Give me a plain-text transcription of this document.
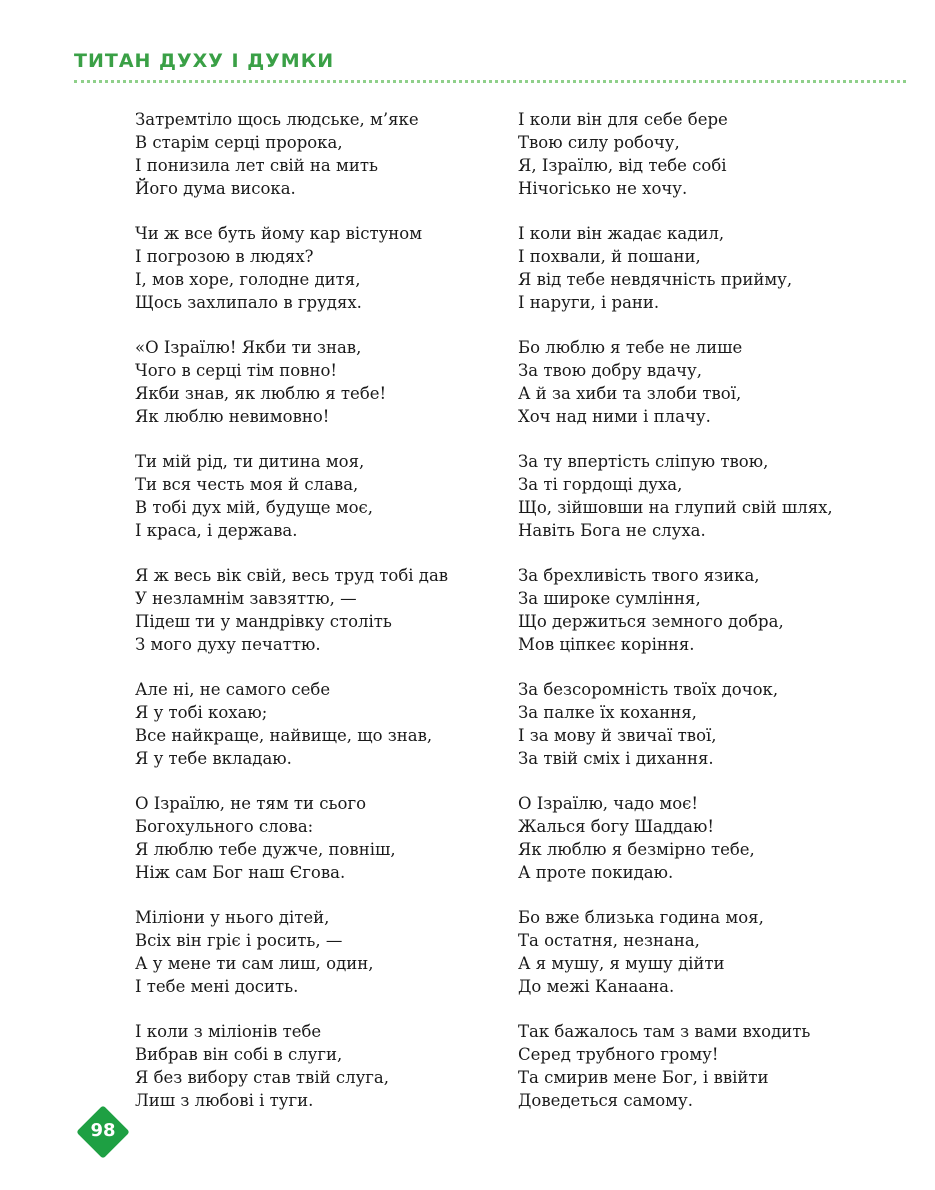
ТИТАН ДУХУ І ДУМКИ
Затремтіло щось людське, м’яке
В старім серці пророка,
І понизила лет свій на мить
Його дума висока.
Чи ж все буть йому кар вістуном
І погрозою в людях?
І, мов хоре, голодне дитя,
Щось захлипало в грудях.
«О Ізраїлю! Якби ти знав,
Чого в серці тім повно!
Якби знав, як люблю я тебе!
Як люблю невимовно!
Ти мій рід, ти дитина моя,
Ти вся честь моя й слава,
В тобі дух мій, будуще моє,
І краса, і держава.
Я ж весь вік свій, весь труд тобі дав
У незламнім завзяттю, —
Підеш ти у мандрівку століть
З мого духу печаттю.
Але ні, не самого себе
Я у тобі кохаю;
Все найкраще, найвище, що знав,
Я у тебе вкладаю.
О Ізраїлю, не тям ти сього
Богохульного слова:
Я люблю тебе дужче, повніш,
Ніж сам Бог наш Єгова.
Міліони у нього дітей,
Всіх він гріє і росить, —
А у мене ти сам лиш, один,
І тебе мені досить.
І коли з міліонів тебе
Вибрав він собі в слуги,
Я без вибору став твій слуга,
Лиш з любові і туги.
І коли він для себе бере
Твою силу робочу,
Я, Ізраїлю, від тебе собі
Нічогісько не хочу.
І коли він жадає кадил,
І похвали, й пошани,
Я від тебе невдячність прийму,
І наруги, і рани.
Бо люблю я тебе не лише
За твою добру вдачу,
А й за хиби та злоби твої,
Хоч над ними і плачу.
За ту впертість сліпую твою,
За ті гордощі духа,
Що, зійшовши на глупий свій шлях,
Навіть Бога не слуха.
За брехливість твого язика,
За широке сумління,
Що держиться земного добра,
Мов ціпкеє коріння.
За безсоромність твоїх дочок,
За палке їх кохання,
І за мову й звичаї твої,
За твій сміх і дихання.
О Ізраїлю, чадо моє!
Жалься богу Шаддаю!
Як люблю я безмірно тебе,
А проте покидаю.
Бо вже близька година моя,
Та остатня, незнана,
А я мушу, я мушу дійти
До межі Канаана.
Так бажалось там з вами входить
Серед трубного грому!
Та смирив мене Бог, і ввійти
Доведеться самому.
98
